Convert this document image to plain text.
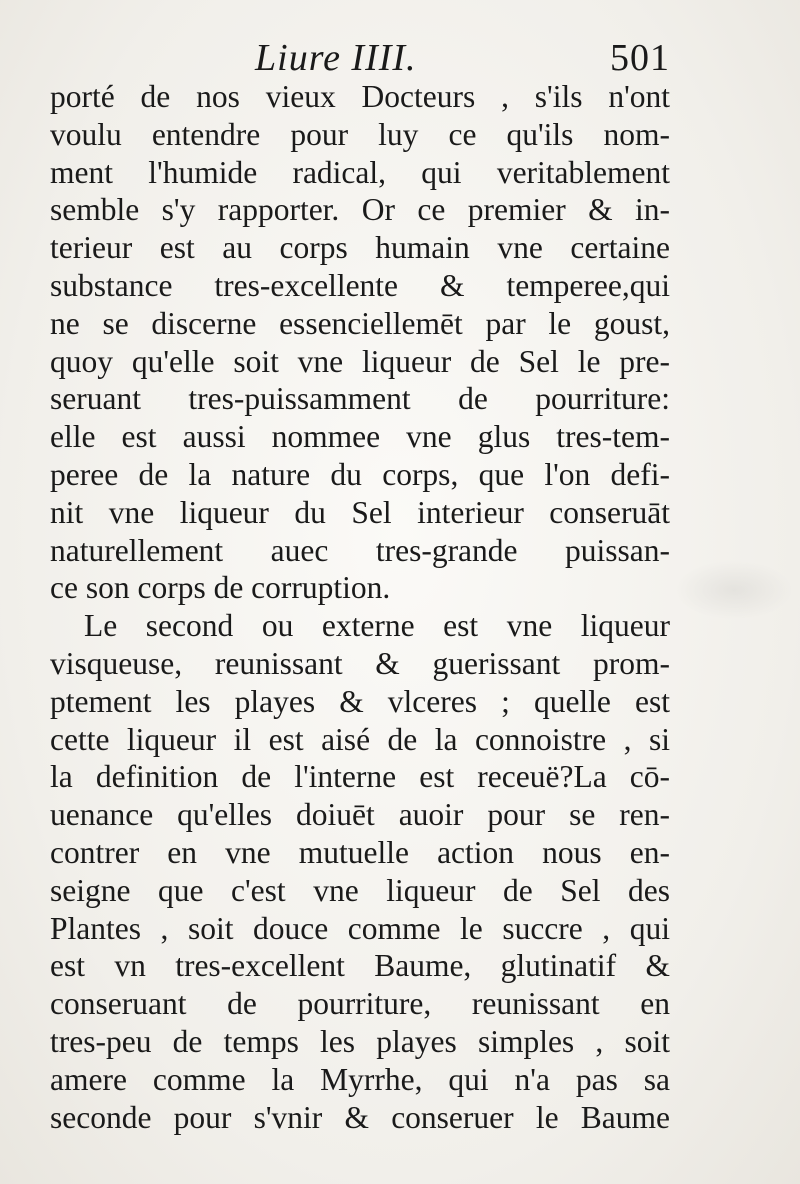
Liure IIII.	501
porté de nos vieux Docteurs , s'ils n'ont
voulu entendre pour luy ce qu'ils nom-
ment l'humide radical, qui veritablement
semble s'y rapporter. Or ce premier & in-
terieur est au corps humain vne certaine
substance tres-excellente & temperee,qui
ne se discerne essenciellemēt par le goust,
quoy qu'elle soit vne liqueur de Sel le pre-
seruant tres-puissamment de pourriture:
elle est aussi nommee vne glus tres-tem-
peree de la nature du corps, que l'on defi-
nit vne liqueur du Sel interieur conseruāt
naturellement auec tres-grande puissan-
ce son corps de corruption.
Le second ou externe est vne liqueur
visqueuse, reunissant & guerissant prom-
ptement les playes & vlceres ; quelle est
cette liqueur il est aisé de la connoistre , si
la definition de l'interne est receuë?La cō-
uenance qu'elles doiuēt auoir pour se ren-
contrer en vne mutuelle action nous en-
seigne que c'est vne liqueur de Sel des
Plantes , soit douce comme le succre , qui
est vn tres-excellent Baume, glutinatif &
conseruant de pourriture, reunissant en
tres-peu de temps les playes simples , soit
amere comme la Myrrhe, qui n'a pas sa
seconde pour s'vnir & conseruer le Baume
